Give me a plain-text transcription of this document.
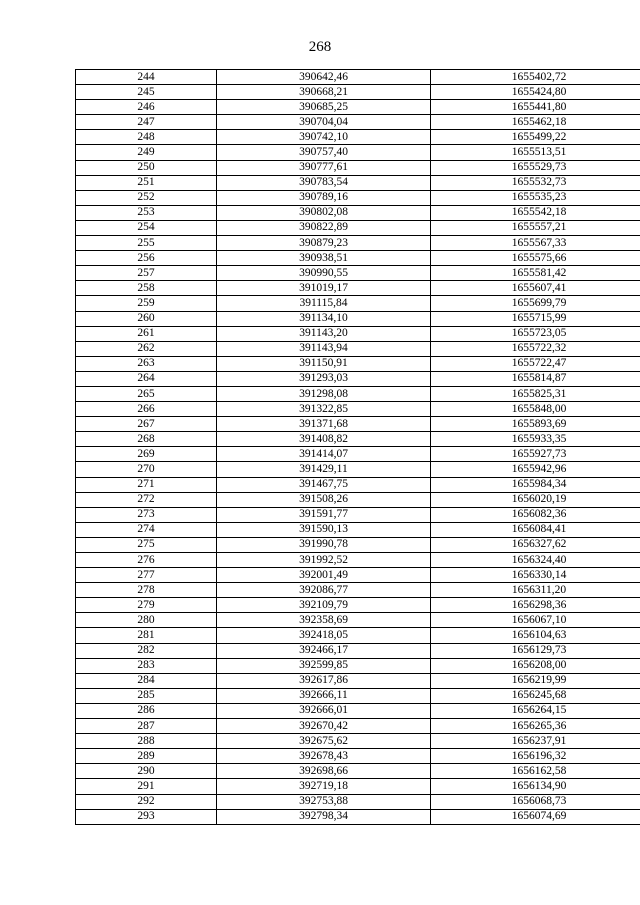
268
244	390642,46	1655402,72
245	390668,21	1655424,80
246	390685,25	1655441,80
247	390704,04	1655462,18
248	390742,10	1655499,22
249	390757,40	1655513,51
250	390777,61	1655529,73
251	390783,54	1655532,73
252	390789,16	1655535,23
253	390802,08	1655542,18
254	390822,89	1655557,21
255	390879,23	1655567,33
256	390938,51	1655575,66
257	390990,55	1655581,42
258	391019,17	1655607,41
259	391115,84	1655699,79
260	391134,10	1655715,99
261	391143,20	1655723,05
262	391143,94	1655722,32
263	391150,91	1655722,47
264	391293,03	1655814,87
265	391298,08	1655825,31
266	391322,85	1655848,00
267	391371,68	1655893,69
268	391408,82	1655933,35
269	391414,07	1655927,73
270	391429,11	1655942,96
271	391467,75	1655984,34
272	391508,26	1656020,19
273	391591,77	1656082,36
274	391590,13	1656084,41
275	391990,78	1656327,62
276	391992,52	1656324,40
277	392001,49	1656330,14
278	392086,77	1656311,20
279	392109,79	1656298,36
280	392358,69	1656067,10
281	392418,05	1656104,63
282	392466,17	1656129,73
283	392599,85	1656208,00
284	392617,86	1656219,99
285	392666,11	1656245,68
286	392666,01	1656264,15
287	392670,42	1656265,36
288	392675,62	1656237,91
289	392678,43	1656196,32
290	392698,66	1656162,58
291	392719,18	1656134,90
292	392753,88	1656068,73
293	392798,34	1656074,69
